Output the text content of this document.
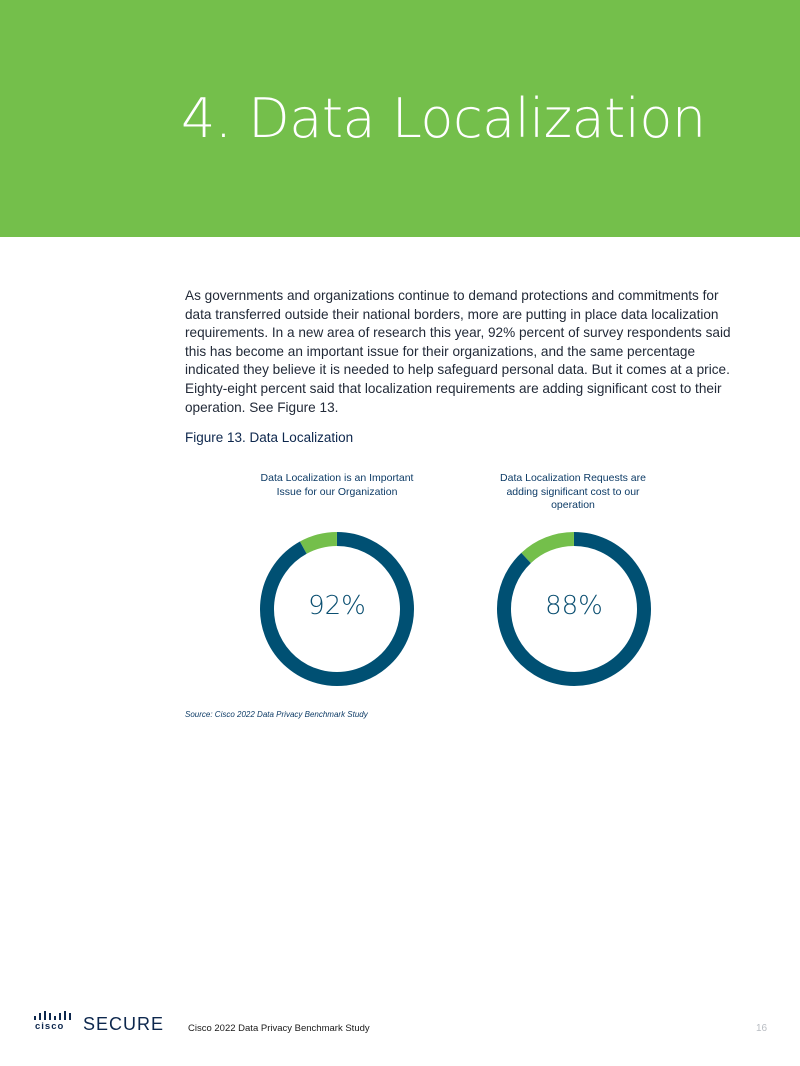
4. Data Localization

As governments and organizations continue to demand protections and commitments for data transferred outside their national borders, more are putting in place data localization requirements. In a new area of research this year, 92% percent of survey respondents said this has become an important issue for their organizations, and the same percentage indicated they believe it is needed to help safeguard personal data. But it comes at a price. Eighty-eight percent said that localization requirements are adding significant cost to their operation. See Figure 13.

Figure 13. Data Localization
Data Localization is an Important Issue for our Organization
Data Localization Requests are adding significant cost to our operation
92%	88%

Source: Cisco 2022 Data Privacy Benchmark Study

cisco SECURE	Cisco 2022 Data Privacy Benchmark Study	16
